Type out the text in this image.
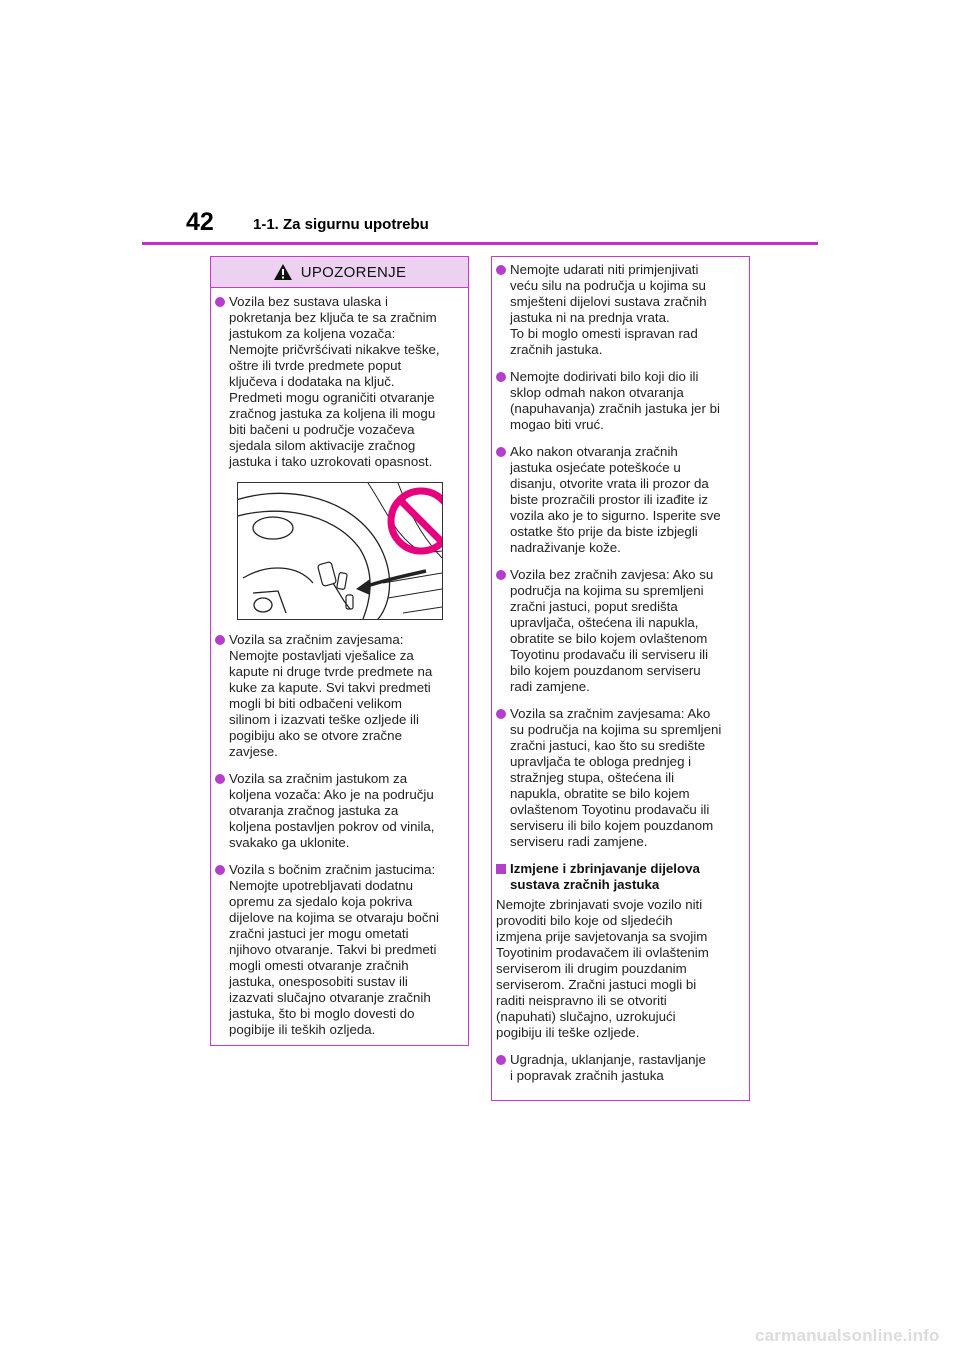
42	1-1. Za sigurnu upotrebu
UPOZORENJE
Vozila bez sustava ulaska i
pokretanja bez ključa te sa zračnim
jastukom za koljena vozača:
Nemojte pričvršćivati nikakve teške,
oštre ili tvrde predmete poput
ključeva i dodataka na ključ.
Predmeti mogu ograničiti otvaranje
zračnog jastuka za koljena ili mogu
biti bačeni u područje vozačeva
sjedala silom aktivacije zračnog
jastuka i tako uzrokovati opasnost.
Vozila sa zračnim zavjesama:
Nemojte postavljati vješalice za
kapute ni druge tvrde predmete na
kuke za kapute. Svi takvi predmeti
mogli bi biti odbačeni velikom
silinom i izazvati teške ozljede ili
pogibiju ako se otvore zračne
zavjese.
Vozila sa zračnim jastukom za
koljena vozača: Ako je na području
otvaranja zračnog jastuka za
koljena postavljen pokrov od vinila,
svakako ga uklonite.
Vozila s bočnim zračnim jastucima:
Nemojte upotrebljavati dodatnu
opremu za sjedalo koja pokriva
dijelove na kojima se otvaraju bočni
zračni jastuci jer mogu ometati
njihovo otvaranje. Takvi bi predmeti
mogli omesti otvaranje zračnih
jastuka, onesposobiti sustav ili
izazvati slučajno otvaranje zračnih
jastuka, što bi moglo dovesti do
pogibije ili teških ozljeda.
Nemojte udarati niti primjenjivati
veću silu na područja u kojima su
smješteni dijelovi sustava zračnih
jastuka ni na prednja vrata.
To bi moglo omesti ispravan rad
zračnih jastuka.
Nemojte dodirivati bilo koji dio ili
sklop odmah nakon otvaranja
(napuhavanja) zračnih jastuka jer bi
mogao biti vruć.
Ako nakon otvaranja zračnih
jastuka osjećate poteškoće u
disanju, otvorite vrata ili prozor da
biste prozračili prostor ili izađite iz
vozila ako je to sigurno. Isperite sve
ostatke što prije da biste izbjegli
nadraživanje kože.
Vozila bez zračnih zavjesa: Ako su
područja na kojima su spremljeni
zračni jastuci, poput središta
upravljača, oštećena ili napukla,
obratite se bilo kojem ovlaštenom
Toyotinu prodavaču ili serviseru ili
bilo kojem pouzdanom serviseru
radi zamjene.
Vozila sa zračnim zavjesama: Ako
su područja na kojima su spremljeni
zračni jastuci, kao što su središte
upravljača te obloga prednjeg i
stražnjeg stupa, oštećena ili
napukla, obratite se bilo kojem
ovlaštenom Toyotinu prodavaču ili
serviseru ili bilo kojem pouzdanom
serviseru radi zamjene.
Izmjene i zbrinjavanje dijelova
sustava zračnih jastuka
Nemojte zbrinjavati svoje vozilo niti
provoditi bilo koje od sljedećih
izmjena prije savjetovanja sa svojim
Toyotinim prodavačem ili ovlaštenim
serviserom ili drugim pouzdanim
serviserom. Zračni jastuci mogli bi
raditi neispravno ili se otvoriti
(napuhati) slučajno, uzrokujući
pogibiju ili teške ozljede.
Ugradnja, uklanjanje, rastavljanje
i popravak zračnih jastuka
carmanualsonline.info
